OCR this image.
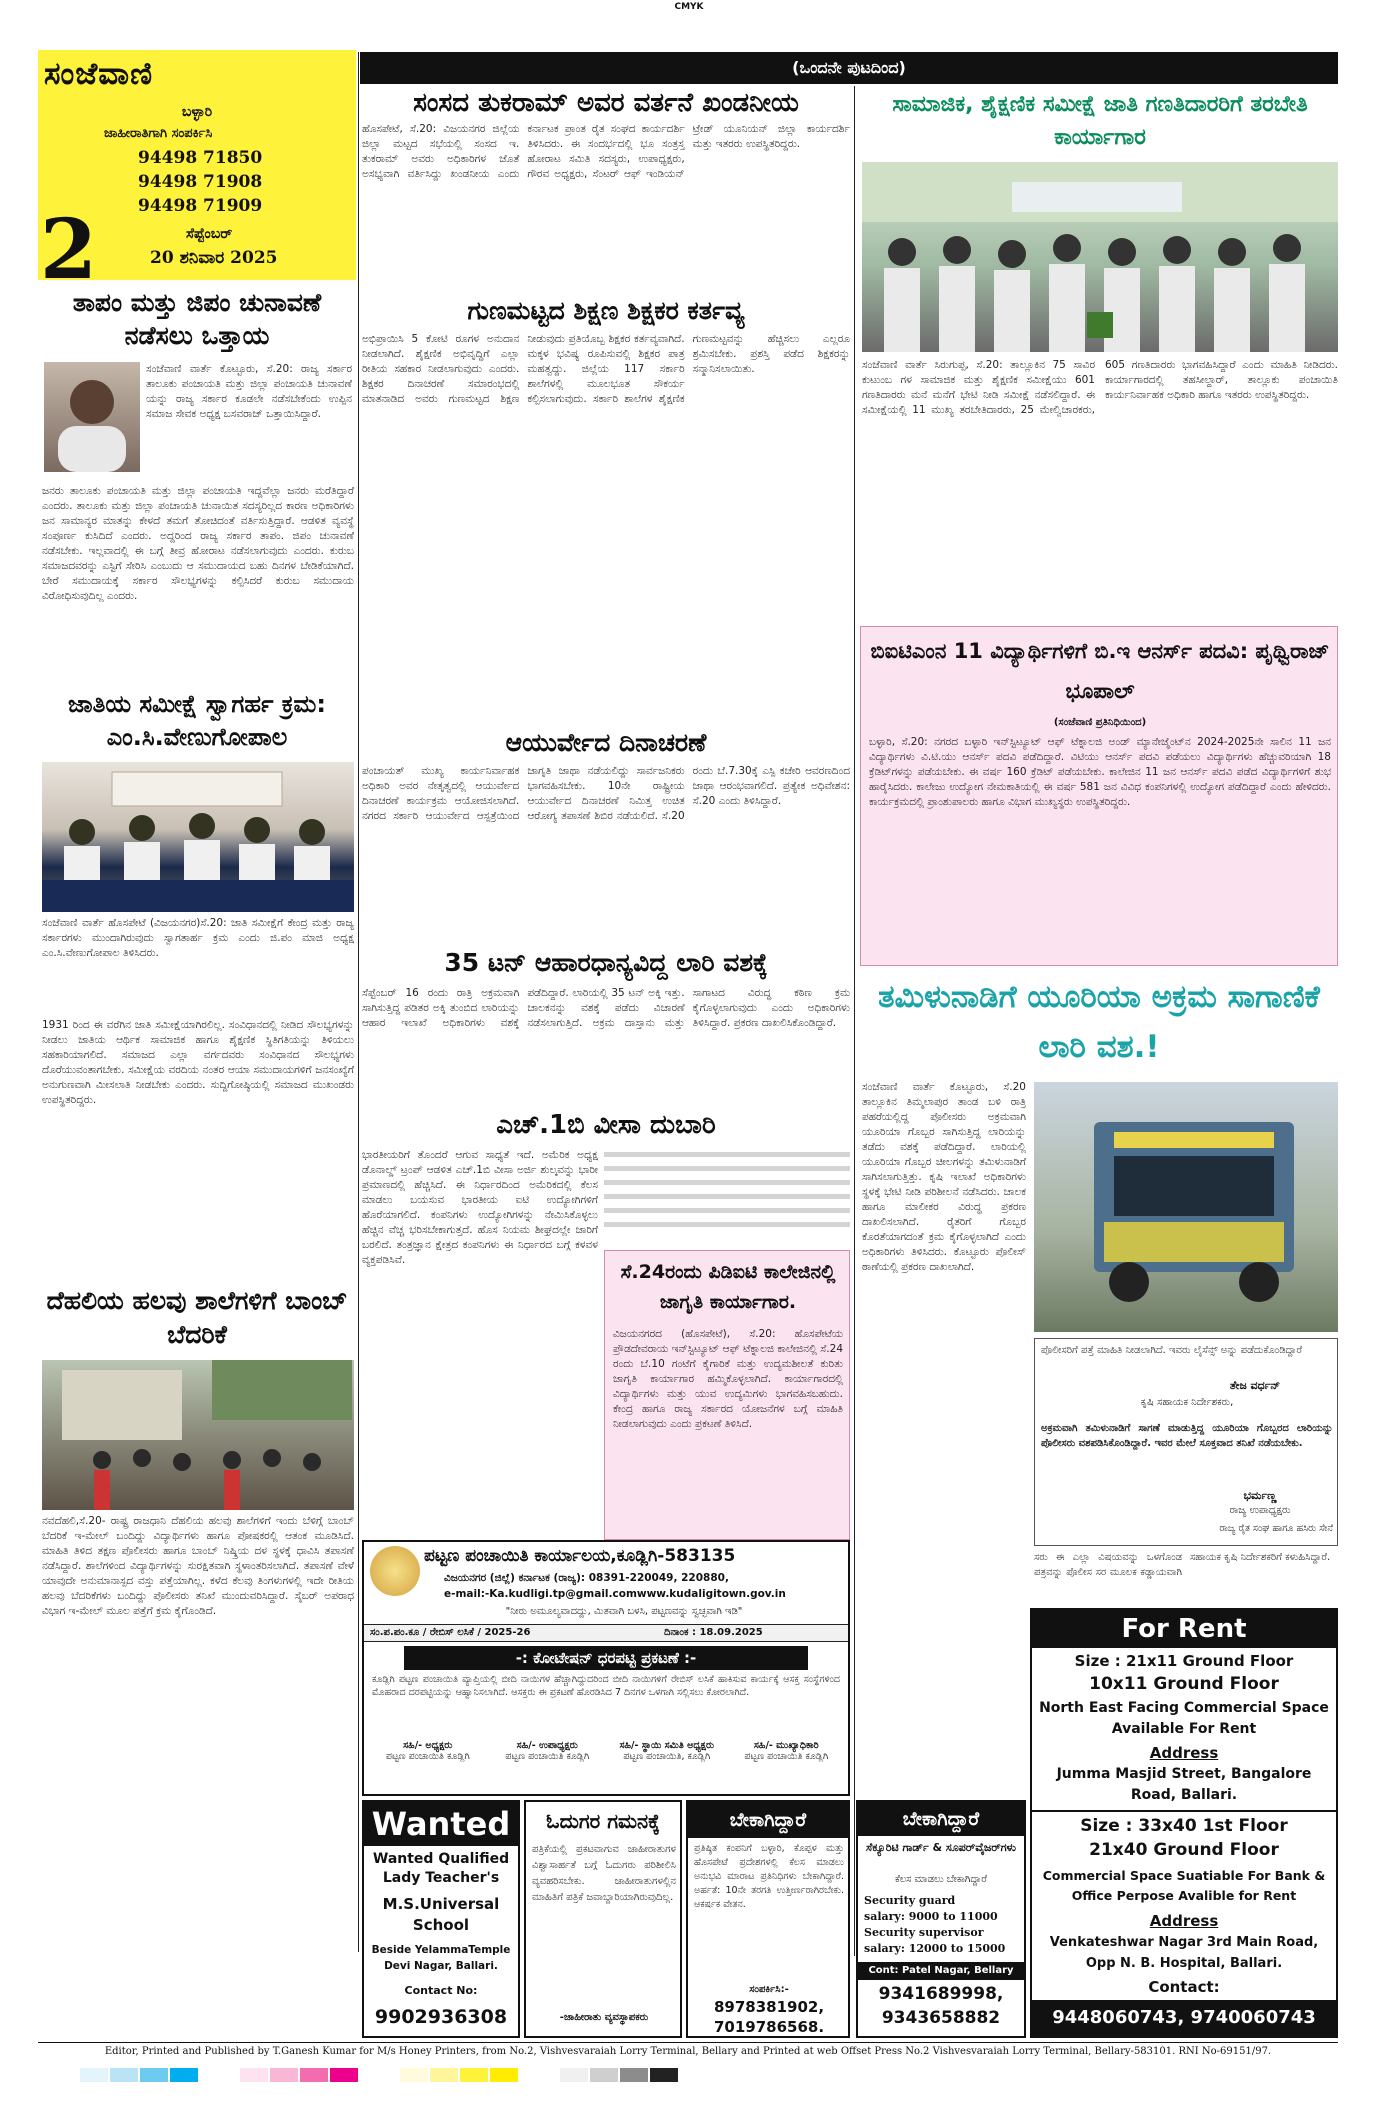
CMYK
ಸಂಜೆವಾಣಿ
ಬಳ್ಳಾರಿ
ಜಾಹೀರಾತಿಗಾಗಿ ಸಂಪರ್ಕಿಸಿ
94498 71850
94498 71908
94498 71909
2	ಸೆಪ್ಟೆಂಬರ್
20 ಶನಿವಾರ 2025
(ಒಂದನೇ ಪುಟದಿಂದ)
ತಾಪಂ ಮತ್ತು ಜಿಪಂ ಚುನಾವಣೆ ನಡೆಸಲು ಒತ್ತಾಯ
ಸಂಜೆವಾಣಿ ವಾರ್ತೆ ಕೊಟ್ಟೂರು, ಸೆ.20: ರಾಜ್ಯ ಸರ್ಕಾರ ತಾಲೂಕು ಪಂಚಾಯತಿ ಮತ್ತು ಜಿಲ್ಲಾ ಪಂಚಾಯತಿ ಚುನಾವಣೆ ಯನ್ನು ರಾಜ್ಯ ಸರ್ಕಾರ ಕೂಡಲೇ ನಡೆಸಬೇಕೆಂದು ಉಪ್ಪಿನ ಸಮಾಜ ಸೇವಕ ಅಧ್ಯಕ್ಷ ಬಸವರಾಜ್ ಒತ್ತಾಯಿಸಿದ್ದಾರೆ.
ಜನರು ತಾಲೂಕು ಪಂಚಾಯತಿ ಮತ್ತು ಜಿಲ್ಲಾ ಪಂಚಾಯತಿ ಇದ್ದವೆಲ್ಲಾ ಜನರು ಮರೆತಿದ್ದಾರೆ ಎಂದರು. ತಾಲೂಕು ಮತ್ತು ಜಿಲ್ಲಾ ಪಂಚಾಯತಿ ಚುನಾಯಿತ ಸದಸ್ಯರಿಲ್ಲದ ಕಾರಣ ಅಧಿಕಾರಿಗಳು ಜನ ಸಾಮಾನ್ಯರ ಮಾತನ್ನು ಕೇಳದೆ ತಮಗೆ ತೋಚಿದಂತೆ ವರ್ತಿಸುತ್ತಿದ್ದಾರೆ. ಆಡಳಿತ ವ್ಯವಸ್ಥೆ ಸಂಪೂರ್ಣ ಕುಸಿದಿದೆ ಎಂದರು. ಅದ್ದರಿಂದ ರಾಜ್ಯ ಸರ್ಕಾರ ತಾಪಂ. ಜಿಪಂ ಚುನಾವಣೆ ನಡೆಸಬೇಕು. ಇಲ್ಲವಾದಲ್ಲಿ ಈ ಬಗ್ಗೆ ತೀವ್ರ ಹೋರಾಟ ನಡೆಸಲಾಗುವುದು ಎಂದರು. ಕುರುಬ ಸಮಾಜದವರನ್ನು ಎಸ್ಟಿಗೆ ಸೇರಿಸಿ ಎಂಬುದು ಆ ಸಮುದಾಯದ ಬಹು ದಿನಗಳ ಬೇಡಿಕೆಯಾಗಿದೆ. ಬೇರೆ ಸಮುದಾಯಕ್ಕೆ ಸರ್ಕಾರ ಸೌಲಭ್ಯಗಳನ್ನು ಕಲ್ಪಿಸಿದರೆ ಕುರುಬ ಸಮುದಾಯ ವಿರೋಧಿಸುವುದಿಲ್ಲ ಎಂದರು.
ಸಂಸದ ತುಕರಾಮ್ ಅವರ ವರ್ತನೆ ಖಂಡನೀಯ
ಹೊಸಪೇಟೆ, ಸೆ.20: ವಿಜಯನಗರ ಜಿಲ್ಲೆಯ ಜಿಲ್ಲಾ ಮಟ್ಟದ ಸಭೆಯಲ್ಲಿ ಸಂಸದ ಇ. ತುಕರಾಮ್ ಅವರು ಅಧಿಕಾರಿಗಳ ಜೊತೆ ಅಸಭ್ಯವಾಗಿ ವರ್ತಿಸಿದ್ದು ಖಂಡನೀಯ ಎಂದು ಕರ್ನಾಟಕ ಪ್ರಾಂತ ರೈತ ಸಂಘದ ಕಾರ್ಯದರ್ಶಿ ತಿಳಿಸಿದರು. ಈ ಸಂದರ್ಭದಲ್ಲಿ ಭೂ ಸಂತ್ರಸ್ತ ಹೋರಾಟ ಸಮಿತಿ ಸದಸ್ಯರು, ಉಪಾಧ್ಯಕ್ಷರು, ಗೌರವ ಅಧ್ಯಕ್ಷರು, ಸೆಂಟರ್ ಆಫ್ ಇಂಡಿಯನ್ ಟ್ರೇಡ್ ಯೂನಿಯನ್ ಜಿಲ್ಲಾ ಕಾರ್ಯದರ್ಶಿ ಮತ್ತು ಇತರರು ಉಪಸ್ಥಿತರಿದ್ದರು.
ಸಾಮಾಜಿಕ, ಶೈಕ್ಷಣಿಕ ಸಮೀಕ್ಷೆ ಜಾತಿ ಗಣತಿದಾರರಿಗೆ ತರಬೇತಿ ಕಾರ್ಯಾಗಾರ
ಸಂಜೆವಾಣಿ ವಾರ್ತೆ ಸಿರುಗುಪ್ಪ, ಸೆ.20: ತಾಲ್ಲೂಕಿನ 75 ಸಾವಿರ ಕುಟುಂಬ ಗಳ ಸಾಮಾಜಿಕ ಮತ್ತು ಶೈಕ್ಷಣಿಕ ಸಮೀಕ್ಷೆಯು 601 ಗಣತಿದಾರರು ಮನೆ ಮನೆಗೆ ಭೇಟಿ ನೀಡಿ ಸಮೀಕ್ಷೆ ನಡೆಸಲಿದ್ದಾರೆ. ಈ ಸಮೀಕ್ಷೆಯಲ್ಲಿ 11 ಮುಖ್ಯ ತರಬೇತಿದಾರರು, 25 ಮೇಲ್ವಿಚಾರಕರು, 605 ಗಣತಿದಾರರು ಭಾಗವಹಿಸಿದ್ದಾರೆ ಎಂದು ಮಾಹಿತಿ ನೀಡಿದರು. ಕಾರ್ಯಾಗಾರದಲ್ಲಿ ತಹಸೀಲ್ದಾರ್, ತಾಲ್ಲೂಕು ಪಂಚಾಯಿತಿ ಕಾರ್ಯನಿರ್ವಾಹಕ ಅಧಿಕಾರಿ ಹಾಗೂ ಇತರರು ಉಪಸ್ಥಿತರಿದ್ದರು.
ಗುಣಮಟ್ಟದ ಶಿಕ್ಷಣ ಶಿಕ್ಷಕರ ಕರ್ತವ್ಯ
ಅಭಿಪ್ರಾಯಿಸಿ 5 ಕೋಟಿ ರೂಗಳ ಅನುದಾನ ನೀಡಲಾಗಿದೆ. ಶೈಕ್ಷಣಿಕ ಅಭಿವೃದ್ಧಿಗೆ ಎಲ್ಲಾ ರೀತಿಯ ಸಹಕಾರ ನೀಡಲಾಗುವುದು ಎಂದರು. ಶಿಕ್ಷಕರ ದಿನಾಚರಣೆ ಸಮಾರಂಭದಲ್ಲಿ ಮಾತನಾಡಿದ ಅವರು ಗುಣಮಟ್ಟದ ಶಿಕ್ಷಣ ನೀಡುವುದು ಪ್ರತಿಯೊಬ್ಬ ಶಿಕ್ಷಕರ ಕರ್ತವ್ಯವಾಗಿದೆ. ಮಕ್ಕಳ ಭವಿಷ್ಯ ರೂಪಿಸುವಲ್ಲಿ ಶಿಕ್ಷಕರ ಪಾತ್ರ ಮಹತ್ವದ್ದು. ಜಿಲ್ಲೆಯ 117 ಸರ್ಕಾರಿ ಶಾಲೆಗಳಲ್ಲಿ ಮೂಲಭೂತ ಸೌಕರ್ಯ ಕಲ್ಪಿಸಲಾಗುವುದು. ಸರ್ಕಾರಿ ಶಾಲೆಗಳ ಶೈಕ್ಷಣಿಕ ಗುಣಮಟ್ಟವನ್ನು ಹೆಚ್ಚಿಸಲು ಎಲ್ಲರೂ ಶ್ರಮಿಸಬೇಕು. ಪ್ರಶಸ್ತಿ ಪಡೆದ ಶಿಕ್ಷಕರನ್ನು ಸನ್ಮಾನಿಸಲಾಯಿತು.
ಜಾತಿಯ ಸಮೀಕ್ಷೆ ಸ್ವಾಗರ್ಹ ಕ್ರಮ: ಎಂ.ಸಿ.ವೇಣುಗೋಪಾಲ
ಸಂಜೆವಾಣಿ ವಾರ್ತೆ ಹೊಸಪೇಟೆ (ವಿಜಯನಗರ)ಸೆ.20: ಜಾತಿ ಸಮೀಕ್ಷೆಗೆ ಕೇಂದ್ರ ಮತ್ತು ರಾಜ್ಯ ಸರ್ಕಾರಗಳು ಮುಂದಾಗಿರುವುದು ಸ್ವಾಗತಾರ್ಹ ಕ್ರಮ ಎಂದು ಜಿ.ಪಂ ಮಾಜಿ ಅಧ್ಯಕ್ಷ ಎಂ.ಸಿ.ವೇಣುಗೋಪಾಲ ತಿಳಿಸಿದರು.
1931 ರಿಂದ ಈ ವರೆಗಿನ ಜಾತಿ ಸಮೀಕ್ಷೆಯಾಗಿರಲಿಲ್ಲ. ಸಂವಿಧಾನದಲ್ಲಿ ನೀಡಿದ ಸೌಲಭ್ಯಗಳನ್ನು ನೀಡಲು ಜಾತಿಯ ಆರ್ಥಿಕ ಸಾಮಾಜಿಕ ಹಾಗೂ ಶೈಕ್ಷಣಿಕ ಸ್ಥಿತಿಗತಿಯನ್ನು ತಿಳಿಯಲು ಸಹಕಾರಿಯಾಗಲಿದೆ. ಸಮಾಜದ ಎಲ್ಲಾ ವರ್ಗದವರು ಸಂವಿಧಾನದ ಸೌಲಭ್ಯಗಳು ದೊರೆಯುವಂತಾಗಬೇಕು. ಸಮೀಕ್ಷೆಯ ವರದಿಯ ನಂತರ ಆಯಾ ಸಮುದಾಯಗಳಿಗೆ ಜನಸಂಖ್ಯೆಗೆ ಅನುಗುಣವಾಗಿ ಮೀಸಲಾತಿ ನೀಡಬೇಕು ಎಂದರು. ಸುದ್ದಿಗೋಷ್ಠಿಯಲ್ಲಿ ಸಮಾಜದ ಮುಖಂಡರು ಉಪಸ್ಥಿತರಿದ್ದರು.
ದೆಹಲಿಯ ಹಲವು ಶಾಲೆಗಳಿಗೆ ಬಾಂಬ್ ಬೆದರಿಕೆ
ನವದೆಹಲಿ,ಸೆ.20- ರಾಷ್ಟ್ರ ರಾಜಧಾನಿ ದೆಹಲಿಯ ಹಲವು ಶಾಲೆಗಳಿಗೆ ಇಂದು ಬೆಳಿಗ್ಗೆ ಬಾಂಬ್ ಬೆದರಿಕೆ ಇ-ಮೇಲ್ ಬಂದಿದ್ದು ವಿದ್ಯಾರ್ಥಿಗಳು ಹಾಗೂ ಪೋಷಕರಲ್ಲಿ ಆತಂಕ ಮೂಡಿಸಿದೆ. ಮಾಹಿತಿ ತಿಳಿದ ತಕ್ಷಣ ಪೊಲೀಸರು ಹಾಗೂ ಬಾಂಬ್ ನಿಷ್ಕ್ರಿಯ ದಳ ಸ್ಥಳಕ್ಕೆ ಧಾವಿಸಿ ತಪಾಸಣೆ ನಡೆಸಿದ್ದಾರೆ. ಶಾಲೆಗಳಿಂದ ವಿದ್ಯಾರ್ಥಿಗಳನ್ನು ಸುರಕ್ಷಿತವಾಗಿ ಸ್ಥಳಾಂತರಿಸಲಾಗಿದೆ. ತಪಾಸಣೆ ವೇಳೆ ಯಾವುದೇ ಅನುಮಾನಾಸ್ಪದ ವಸ್ತು ಪತ್ತೆಯಾಗಿಲ್ಲ. ಕಳೆದ ಕೆಲವು ತಿಂಗಳುಗಳಲ್ಲಿ ಇದೇ ರೀತಿಯ ಹಲವು ಬೆದರಿಕೆಗಳು ಬಂದಿದ್ದು ಪೊಲೀಸರು ತನಿಖೆ ಮುಂದುವರಿಸಿದ್ದಾರೆ. ಸೈಬರ್ ಅಪರಾಧ ವಿಭಾಗ ಇ-ಮೇಲ್ ಮೂಲ ಪತ್ತೆಗೆ ಕ್ರಮ ಕೈಗೊಂಡಿದೆ.
ಆಯುರ್ವೇದ ದಿನಾಚರಣೆ
ಪಂಚಾಯತ್ ಮುಖ್ಯ ಕಾರ್ಯನಿರ್ವಾಹಕ ಅಧಿಕಾರಿ ಅವರ ನೇತೃತ್ವದಲ್ಲಿ ಆಯುರ್ವೇದ ದಿನಾಚರಣೆ ಕಾರ್ಯಕ್ರಮ ಆಯೋಜಿಸಲಾಗಿದೆ. ನಗರದ ಸರ್ಕಾರಿ ಆಯುರ್ವೇದ ಆಸ್ಪತ್ರೆಯಿಂದ ಜಾಗೃತಿ ಜಾಥಾ ನಡೆಯಲಿದ್ದು ಸಾರ್ವಜನಿಕರು ಭಾಗವಹಿಸಬೇಕು. 10ನೇ ರಾಷ್ಟ್ರೀಯ ಆಯುರ್ವೇದ ದಿನಾಚರಣೆ ನಿಮಿತ್ತ ಉಚಿತ ಆರೋಗ್ಯ ತಪಾಸಣೆ ಶಿಬಿರ ನಡೆಯಲಿದೆ. ಸೆ.20 ರಂದು ಬೆ.7.30ಕ್ಕೆ ಎಸ್ಪಿ ಕಚೇರಿ ಆವರಣದಿಂದ ಜಾಥಾ ಆರಂಭವಾಗಲಿದೆ. ಪ್ರತ್ಯೇಕ ಅಧಿವೇಶನ: ಸೆ.20 ಎಂದು ತಿಳಿಸಿದ್ದಾರೆ.
35 ಟನ್ ಆಹಾರಧಾನ್ಯವಿದ್ದ ಲಾರಿ ವಶಕ್ಕೆ
ಸೆಪ್ಟೆಂಬರ್ 16 ರಂದು ರಾತ್ರಿ ಅಕ್ರಮವಾಗಿ ಸಾಗಿಸುತ್ತಿದ್ದ ಪಡಿತರ ಅಕ್ಕಿ ತುಂಬಿದ ಲಾರಿಯನ್ನು ಆಹಾರ ಇಲಾಖೆ ಅಧಿಕಾರಿಗಳು ವಶಕ್ಕೆ ಪಡೆದಿದ್ದಾರೆ. ಲಾರಿಯಲ್ಲಿ 35 ಟನ್ ಅಕ್ಕಿ ಇತ್ತು. ಚಾಲಕನನ್ನು ವಶಕ್ಕೆ ಪಡೆದು ವಿಚಾರಣೆ ನಡೆಸಲಾಗುತ್ತಿದೆ. ಅಕ್ರಮ ದಾಸ್ತಾನು ಮತ್ತು ಸಾಗಾಟದ ವಿರುದ್ಧ ಕಠಿಣ ಕ್ರಮ ಕೈಗೊಳ್ಳಲಾಗುವುದು ಎಂದು ಅಧಿಕಾರಿಗಳು ತಿಳಿಸಿದ್ದಾರೆ. ಪ್ರಕರಣ ದಾಖಲಿಸಿಕೊಂಡಿದ್ದಾರೆ.
ಎಚ್.1ಬಿ ವೀಸಾ ದುಬಾರಿ
ಭಾರತೀಯರಿಗೆ ತೊಂದರೆ ಆಗುವ ಸಾಧ್ಯತೆ ಇದೆ. ಅಮೆರಿಕ ಅಧ್ಯಕ್ಷ ಡೊನಾಲ್ಡ್ ಟ್ರಂಪ್ ಆಡಳಿತ ಎಚ್.1ಬಿ ವೀಸಾ ಅರ್ಜಿ ಶುಲ್ಕವನ್ನು ಭಾರೀ ಪ್ರಮಾಣದಲ್ಲಿ ಹೆಚ್ಚಿಸಿದೆ. ಈ ನಿರ್ಧಾರದಿಂದ ಅಮೆರಿಕದಲ್ಲಿ ಕೆಲಸ ಮಾಡಲು ಬಯಸುವ ಭಾರತೀಯ ಐಟಿ ಉದ್ಯೋಗಿಗಳಿಗೆ ಹೊರೆಯಾಗಲಿದೆ. ಕಂಪನಿಗಳು ಉದ್ಯೋಗಿಗಳನ್ನು ನೇಮಿಸಿಕೊಳ್ಳಲು ಹೆಚ್ಚಿನ ವೆಚ್ಚ ಭರಿಸಬೇಕಾಗುತ್ತದೆ. ಹೊಸ ನಿಯಮ ಶೀಘ್ರದಲ್ಲೇ ಜಾರಿಗೆ ಬರಲಿದೆ. ತಂತ್ರಜ್ಞಾನ ಕ್ಷೇತ್ರದ ಕಂಪನಿಗಳು ಈ ನಿರ್ಧಾರದ ಬಗ್ಗೆ ಕಳವಳ ವ್ಯಕ್ತಪಡಿಸಿವೆ.
ಸೆ.24ರಂದು ಪಿಡಿಐಟಿ ಕಾಲೇಜಿನಲ್ಲಿ ಜಾಗೃತಿ ಕಾರ್ಯಾಗಾರ.
ವಿಜಯನಗರದ (ಹೊಸಪೇಟೆ), ಸೆ.20: ಹೊಸಪೇಟೆಯ ಪ್ರೌಡದೇವರಾಯ ಇನ್‌ಸ್ಟಿಟ್ಯೂಟ್ ಆಫ್ ಟೆಕ್ನಾಲಜಿ ಕಾಲೇಜಿನಲ್ಲಿ ಸೆ.24 ರಂದು ಬೆ.10 ಗಂಟೆಗೆ ಕೈಗಾರಿಕೆ ಮತ್ತು ಉದ್ಯಮಶೀಲತೆ ಕುರಿತು ಜಾಗೃತಿ ಕಾರ್ಯಾಗಾರ ಹಮ್ಮಿಕೊಳ್ಳಲಾಗಿದೆ. ಕಾರ್ಯಾಗಾರದಲ್ಲಿ ವಿದ್ಯಾರ್ಥಿಗಳು ಮತ್ತು ಯುವ ಉದ್ಯಮಿಗಳು ಭಾಗವಹಿಸಬಹುದು. ಕೇಂದ್ರ ಹಾಗೂ ರಾಜ್ಯ ಸರ್ಕಾರದ ಯೋಜನೆಗಳ ಬಗ್ಗೆ ಮಾಹಿತಿ ನೀಡಲಾಗುವುದು ಎಂದು ಪ್ರಕಟಣೆ ತಿಳಿಸಿದೆ.
ಬಿಐಟಿಎಂನ 11 ವಿದ್ಯಾರ್ಥಿಗಳಿಗೆ ಬಿ.ಇ ಆನರ್ಸ್ ಪದವಿ: ಪೃಥ್ವಿರಾಜ್ ಭೂಪಾಲ್
(ಸಂಜೆವಾಣಿ ಪ್ರತಿನಿಧಿಯಿಂದ)
ಬಳ್ಳಾರಿ, ಸೆ.20: ನಗರದ ಬಳ್ಳಾರಿ ಇನ್‌ಸ್ಟಿಟ್ಯೂಟ್ ಆಫ್ ಟೆಕ್ನಾಲಜಿ ಅಂಡ್ ಮ್ಯಾನೇಜ್ಮೆಂಟ್‌ನ 2024-2025ನೇ ಸಾಲಿನ 11 ಜನ ವಿದ್ಯಾರ್ಥಿಗಳು ವಿ.ಟಿ.ಯು ಆನರ್ಸ್ ಪದವಿ ಪಡೆದಿದ್ದಾರೆ. ವಿಟಿಯು ಆನರ್ಸ್ ಪದವಿ ಪಡೆಯಲು ವಿದ್ಯಾರ್ಥಿಗಳು ಹೆಚ್ಚುವರಿಯಾಗಿ 18 ಕ್ರೆಡಿಟ್‌ಗಳನ್ನು ಪಡೆಯಬೇಕು. ಈ ವರ್ಷ 160 ಕ್ರೆಡಿಟ್ ಪಡೆಯಬೇಕು. ಕಾಲೇಜಿನ 11 ಜನ ಆನರ್ಸ್ ಪದವಿ ಪಡೆದ ವಿದ್ಯಾರ್ಥಿಗಳಿಗೆ ಶುಭ ಹಾರೈಸಿದರು. ಕಾಲೇಜು ಉದ್ಯೋಗ ನೇಮಕಾತಿಯಲ್ಲಿ ಈ ವರ್ಷ 581 ಜನ ವಿವಿಧ ಕಂಪನಿಗಳಲ್ಲಿ ಉದ್ಯೋಗ ಪಡೆದಿದ್ದಾರೆ ಎಂದು ಹೇಳಿದರು. ಕಾರ್ಯಕ್ರಮದಲ್ಲಿ ಪ್ರಾಂಶುಪಾಲರು ಹಾಗೂ ವಿಭಾಗ ಮುಖ್ಯಸ್ಥರು ಉಪಸ್ಥಿತರಿದ್ದರು.
ತಮಿಳುನಾಡಿಗೆ ಯೂರಿಯಾ ಅಕ್ರಮ ಸಾಗಾಣಿಕೆ ಲಾರಿ ವಶ.!
ಸಂಜೆವಾಣಿ ವಾರ್ತೆ ಕೊಟ್ಟೂರು, ಸೆ.20 ತಾಲ್ಲೂಕಿನ ತಿಮ್ಮಲಾಪುರ ತಾಂಡ ಬಳಿ ರಾತ್ರಿ ಪಹರೆಯಲ್ಲಿದ್ದ ಪೊಲೀಸರು ಅಕ್ರಮವಾಗಿ ಯೂರಿಯಾ ಗೊಬ್ಬರ ಸಾಗಿಸುತ್ತಿದ್ದ ಲಾರಿಯನ್ನು ತಡೆದು ವಶಕ್ಕೆ ಪಡೆದಿದ್ದಾರೆ. ಲಾರಿಯಲ್ಲಿ ಯೂರಿಯಾ ಗೊಬ್ಬರ ಚೀಲಗಳನ್ನು ತಮಿಳುನಾಡಿಗೆ ಸಾಗಿಸಲಾಗುತ್ತಿತ್ತು. ಕೃಷಿ ಇಲಾಖೆ ಅಧಿಕಾರಿಗಳು ಸ್ಥಳಕ್ಕೆ ಭೇಟಿ ನೀಡಿ ಪರಿಶೀಲನೆ ನಡೆಸಿದರು. ಚಾಲಕ ಹಾಗೂ ಮಾಲೀಕರ ವಿರುದ್ಧ ಪ್ರಕರಣ ದಾಖಲಿಸಲಾಗಿದೆ. ರೈತರಿಗೆ ಗೊಬ್ಬರ ಕೊರತೆಯಾಗದಂತೆ ಕ್ರಮ ಕೈಗೊಳ್ಳಲಾಗಿದೆ ಎಂದು ಅಧಿಕಾರಿಗಳು ತಿಳಿಸಿದರು. ಕೊಟ್ಟೂರು ಪೊಲೀಸ್ ಠಾಣೆಯಲ್ಲಿ ಪ್ರಕರಣ ದಾಖಲಾಗಿದೆ.
ಪೊಲೀಸರಿಗೆ ಪತ್ತೆ ಮಾಹಿತಿ ನೀಡಲಾಗಿದೆ. ಇವರು ಲೈಸೆನ್ಸ್ ಅನ್ನು ಪಡೆದುಕೊಂಡಿದ್ದಾರೆ
ತೇಜ ವರ್ಧನ್
ಕೃಷಿ ಸಹಾಯಕ ನಿರ್ದೇಶಕರು,
ಅಕ್ರಮವಾಗಿ ತಮಿಳುನಾಡಿಗೆ ಸಾಗಣೆ ಮಾಡುತ್ತಿದ್ದ ಯೂರಿಯಾ ಗೊಬ್ಬರದ ಲಾರಿಯನ್ನು ಪೊಲೀಸರು ವಶಪಡಿಸಿಕೊಂಡಿದ್ದಾರೆ. ಇವರ ಮೇಲೆ ಸೂಕ್ತವಾದ ತನಿಖೆ ನಡೆಯಬೇಕು.
ಭರ್ಮಣ್ಣ
ರಾಜ್ಯ ಉಪಾಧ್ಯಕ್ಷರು
ರಾಜ್ಯ ರೈತ ಸಂಘ ಹಾಗೂ ಹಸಿರು ಸೇನೆ
ಸರು ಈ ಎಲ್ಲಾ ವಿಷಯವನ್ನು ಒಳಗೊಂಡ ಪತ್ರವನ್ನು ಪೊಲೀಸ ಸರ ಮೂಲಕ ಕಡ್ಡಾಯವಾಗಿ ಸಹಾಯಕ ಕೃಷಿ ನಿರ್ದೇಶಕರಿಗೆ ಕಳುಹಿಸಿದ್ದಾರೆ.
ಪಟ್ಟಣ ಪಂಚಾಯಿತಿ ಕಾರ್ಯಾಲಯ,ಕೂಡ್ಲಿಗಿ-583135
ವಿಜಯನಗರ (ಜಿಲ್ಲೆ) ಕರ್ನಾಟಕ (ರಾಜ್ಯ): 08391-220049, 220880,
e-mail:-Ka.kudligi.tp@gmail.comwww.kudaligitown.gov.in
"ನೀರು ಅಮೂಲ್ಯವಾದದ್ದು, ಮಿತವಾಗಿ ಬಳಸಿ, ಪಟ್ಟಣವನ್ನು ಸ್ವಚ್ಛವಾಗಿ ಇಡಿ"
ಸಂ.ಪ.ಪಂ.ಕೂ / ರೇಬಿಸ್ ಲಸಿಕೆ / 2025-26	ದಿನಾಂಕ : 18.09.2025
-: ಕೋಟೇಷನ್ ಧರಪಟ್ಟಿ ಪ್ರಕಟಣೆ :-
ಕೂಡ್ಲಿಗಿ ಪಟ್ಟಣ ಪಂಚಾಯಿತಿ ವ್ಯಾಪ್ತಿಯಲ್ಲಿ ಬೀದಿ ನಾಯಿಗಳ ಹೆಚ್ಚಾಗಿದ್ದುದರಿಂದ ಬೀದಿ ನಾಯಿಗಳಿಗೆ ರೇಬಿಸ್ ಲಸಿಕೆ ಹಾಕಿಸುವ ಕಾರ್ಯಕ್ಕೆ ಆಸಕ್ತ ಸಂಸ್ಥೆಗಳಿಂದ ಮೊಹರಾದ ದರಪಟ್ಟಿಯನ್ನು ಆಹ್ವಾನಿಸಲಾಗಿದೆ. ಆಸಕ್ತರು ಈ ಪ್ರಕಟಣೆ ಹೊರಡಿಸಿದ 7 ದಿನಗಳ ಒಳಗಾಗಿ ಸಲ್ಲಿಸಲು ಕೋರಲಾಗಿದೆ.
ಸಹಿ/- ಅಧ್ಯಕ್ಷರು
ಪಟ್ಟಣ ಪಂಚಾಯಿತಿ ಕೂಡ್ಲಿಗಿ
ಸಹಿ/- ಉಪಾಧ್ಯಕ್ಷರು
ಪಟ್ಟಣ ಪಂಚಾಯಿತಿ ಕೂಡ್ಲಿಗಿ
ಸಹಿ/- ಸ್ಥಾಯಿ ಸಮಿತಿ ಅಧ್ಯಕ್ಷರು
ಪಟ್ಟಣ ಪಂಚಾಯಿತಿ, ಕೂಡ್ಲಿಗಿ
ಸಹಿ/- ಮುಖ್ಯಾಧಿಕಾರಿ
ಪಟ್ಟಣ ಪಂಚಾಯಿತಿ ಕೂಡ್ಲಿಗಿ
Wanted
Wanted Qualified Lady Teacher's
M.S.Universal School
Beside YelammaTemple Devi Nagar, Ballari.
Contact No:
9902936308
ಓದುಗರ ಗಮನಕ್ಕೆ
ಪತ್ರಿಕೆಯಲ್ಲಿ ಪ್ರಕಟವಾಗುವ ಜಾಹೀರಾತುಗಳ ವಿಶ್ವಾಸಾರ್ಹತೆ ಬಗ್ಗೆ ಓದುಗರು ಪರಿಶೀಲಿಸಿ ವ್ಯವಹರಿಸಬೇಕು. ಜಾಹೀರಾತುಗಳಲ್ಲಿನ ಮಾಹಿತಿಗೆ ಪತ್ರಿಕೆ ಜವಾಬ್ದಾರಿಯಾಗಿರುವುದಿಲ್ಲ.
-ಜಾಹೀರಾತು ವ್ಯವಸ್ಥಾಪಕರು
ಬೇಕಾಗಿದ್ದಾರೆ
ಪ್ರತಿಷ್ಠಿತ ಕಂಪನಿಗೆ ಬಳ್ಳಾರಿ, ಕೊಪ್ಪಳ ಮತ್ತು ಹೊಸಪೇಟೆ ಪ್ರದೇಶಗಳಲ್ಲಿ ಕೆಲಸ ಮಾಡಲು ಅನುಭವಿ ಮಾರಾಟ ಪ್ರತಿನಿಧಿಗಳು ಬೇಕಾಗಿದ್ದಾರೆ. ಅರ್ಹತೆ: 10ನೇ ತರಗತಿ ಉತ್ತೀರ್ಣರಾಗಿರಬೇಕು. ಆಕರ್ಷಕ ವೇತನ.
ಸಂಪರ್ಕಿಸಿ:-
8978381902,
7019786568.
ಬೇಕಾಗಿದ್ದಾರೆ
ಸೆಕ್ಯೂರಿಟಿ ಗಾರ್ಡ್ & ಸೂಪರ್‌ವೈಜರ್‌ಗಳು
ಕೆಲಸ ಮಾಡಲು ಬೇಕಾಗಿದ್ದಾರೆ
Security guard
salary: 9000 to 11000
Security supervisor
salary: 12000 to 15000
Cont: Patel Nagar, Bellary
9341689998,
9343658882
For Rent
Size : 21x11 Ground Floor
10x11 Ground Floor
North East Facing Commercial Space Available For Rent
Address
Jumma Masjid Street, Bangalore Road, Ballari.
Size : 33x40 1st Floor
21x40 Ground Floor
Commercial Space Suatiable For Bank & Office Perpose Avalible for Rent
Address
Venkateshwar Nagar 3rd Main Road, Opp N. B. Hospital, Ballari.
Contact:
9448060743, 9740060743
Editor, Printed and Published by T.Ganesh Kumar for M/s Honey Printers, from No.2, Vishvesvaraiah Lorry Terminal, Bellary and Printed at web Offset Press No.2 Vishvesvaraiah Lorry Terminal, Bellary-583101. RNI No-69151/97.
